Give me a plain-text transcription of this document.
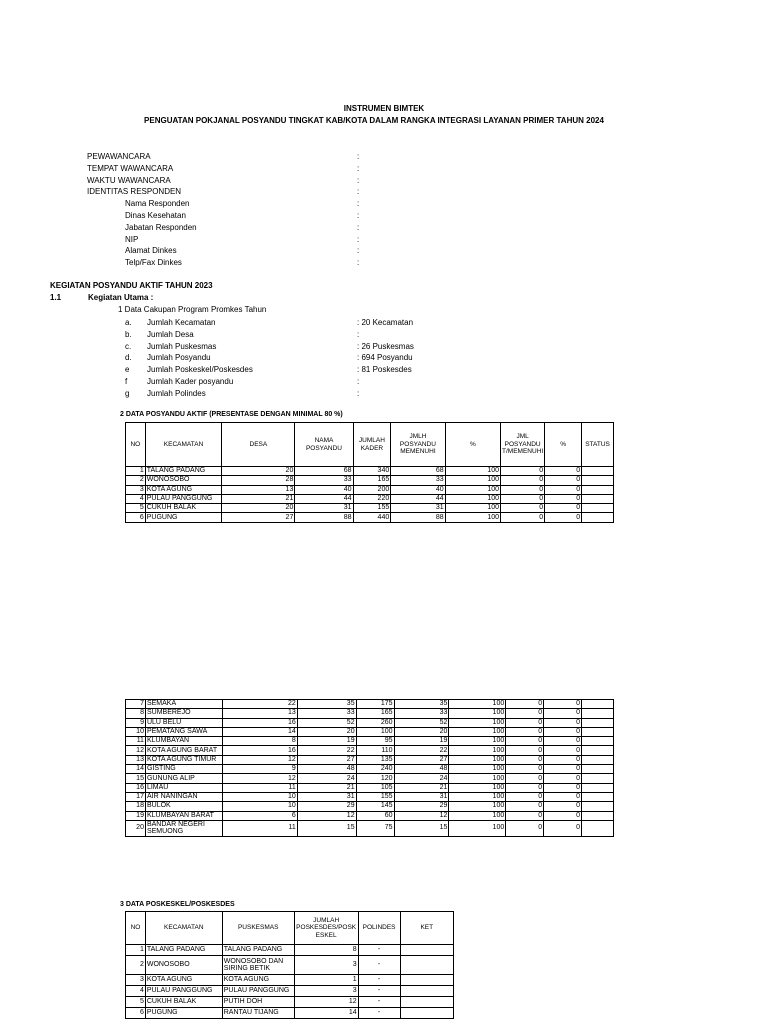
INSTRUMEN BIMTEK
PENGUATAN POKJANAL POSYANDU TINGKAT KAB/KOTA DALAM RANGKA INTEGRASI LAYANAN PRIMER TAHUN 2024
PEWAWANCARA	:
TEMPAT WAWANCARA	:
WAKTU WAWANCARA	:
IDENTITAS RESPONDEN	:
Nama Responden	:
Dinas Kesehatan	:
Jabatan Responden	:
NIP	:
Alamat Dinkes	:
Telp/Fax Dinkes	:
KEGIATAN POSYANDU AKTIF TAHUN 2023
1.1	Kegiatan Utama :
1 Data Cakupan Program Promkes Tahun
a. Jumlah Kecamatan	: 20 Kecamatan
b. Jumlah Desa	:
c. Jumlah Puskesmas	: 26 Puskesmas
d. Jumlah Posyandu	: 694 Posyandu
e Jumlah Poskeskel/Poskesdes	: 81 Poskesdes
f Jumlah Kader posyandu	:
g Jumlah Polindes	:
2 DATA POSYANDU AKTIF (PRESENTASE DENGAN MINIMAL 80 %)
NO	KECAMATAN	DESA	NAMA POSYANDU	JUMLAH KADER	JMLH POSYANDU MEMENUHI	%	JML POSYANDU T/MEMENUHI	%	STATUS
1	TALANG PADANG	20	68	340	68	100	0	0	
2	WONOSOBO	28	33	165	33	100	0	0	
3	KOTA AGUNG	13	40	200	40	100	0	0	
4	PULAU PANGGUNG	21	44	220	44	100	0	0	
5	CUKUH BALAK	20	31	155	31	100	0	0	
6	PUGUNG	27	88	440	88	100	0	0	
7	SEMAKA	22	35	175	35	100	0	0	
8	SUMBEREJO	13	33	165	33	100	0	0	
9	ULU BELU	16	52	260	52	100	0	0	
10	PEMATANG SAWA	14	20	100	20	100	0	0	
11	KLUMBAYAN	8	19	95	19	100	0	0	
12	KOTA AGUNG BARAT	16	22	110	22	100	0	0	
13	KOTA AGUNG TIMUR	12	27	135	27	100	0	0	
14	GISTING	9	48	240	48	100	0	0	
15	GUNUNG ALIP	12	24	120	24	100	0	0	
16	LIMAU	11	21	105	21	100	0	0	
17	AIR NANINGAN	10	31	155	31	100	0	0	
18	BULOK	10	29	145	29	100	0	0	
19	KLUMBAYAN BARAT	6	12	60	12	100	0	0	
20	BANDAR NEGERI SEMUONG	11	15	75	15	100	0	0	
3 DATA POSKESKEL/POSKESDES
NO	KECAMATAN	PUSKESMAS	JUMLAH POSKESDES/POSK ESKEL	POLINDES	KET
1	TALANG PADANG	TALANG PADANG	8	-	
2	WONOSOBO	WONOSOBO DAN SIRING BETIK	3	-	
3	KOTA AGUNG	KOTA AGUNG	1	-	
4	PULAU PANGGUNG	PULAU PANGGUNG	3	-	
5	CUKUH BALAK	PUTIH DOH	12	-	
6	PUGUNG	RANTAU TIJANG	14	-	
